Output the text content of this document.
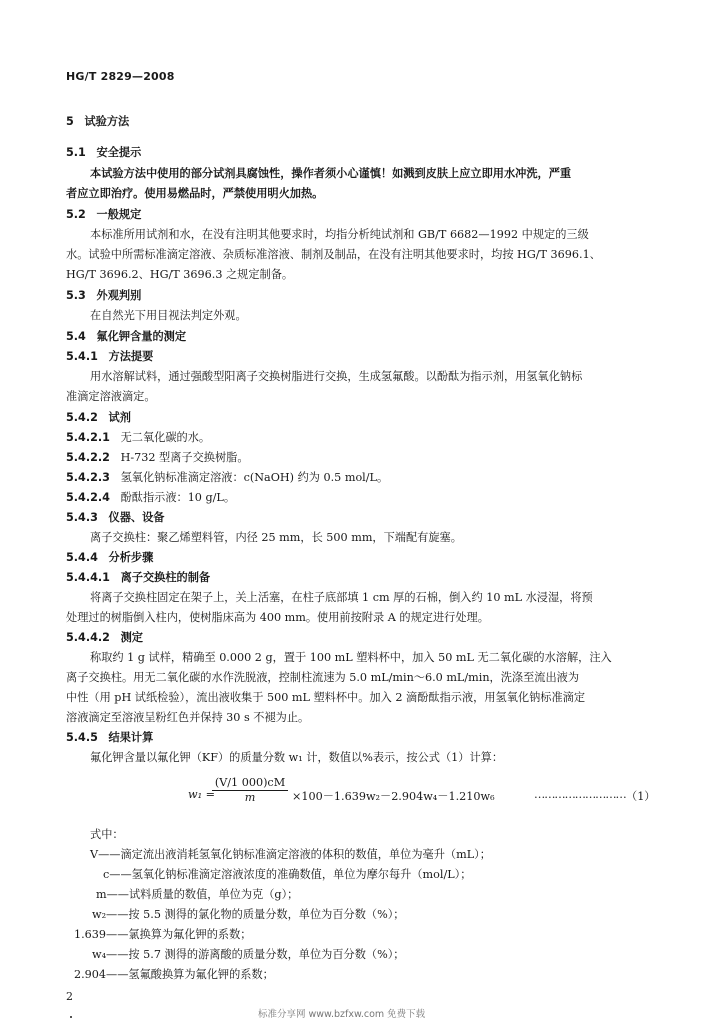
HG/T 2829—2008
5 试验方法
5.1 安全提示
本试验方法中使用的部分试剂具腐蚀性，操作者须小心谨慎！如溅到皮肤上应立即用水冲洗，严重
者应立即治疗。使用易燃品时，严禁使用明火加热。
5.2 一般规定
本标准所用试剂和水，在没有注明其他要求时，均指分析纯试剂和 GB/T 6682—1992 中规定的三级
水。试验中所需标准滴定溶液、杂质标准溶液、制剂及制品，在没有注明其他要求时，均按 HG/T 3696.1、
HG/T 3696.2、HG/T 3696.3 之规定制备。
5.3 外观判别
在自然光下用目视法判定外观。
5.4 氟化钾含量的测定
5.4.1 方法提要
用水溶解试料，通过强酸型阳离子交换树脂进行交换，生成氢氟酸。以酚酞为指示剂，用氢氧化钠标
准滴定溶液滴定。
5.4.2 试剂
5.4.2.1 无二氧化碳的水。
5.4.2.2 H-732 型离子交换树脂。
5.4.2.3 氢氧化钠标准滴定溶液：c(NaOH) 约为 0.5 mol/L。
5.4.2.4 酚酞指示液：10 g/L。
5.4.3 仪器、设备
离子交换柱：聚乙烯塑料管，内径 25 mm，长 500 mm，下端配有旋塞。
5.4.4 分析步骤
5.4.4.1 离子交换柱的制备
将离子交换柱固定在架子上，关上活塞，在柱子底部填 1 cm 厚的石棉，倒入约 10 mL 水浸湿，将预
处理过的树脂倒入柱内，使树脂床高为 400 mm。使用前按附录 A 的规定进行处理。
5.4.4.2 测定
称取约 1 g 试样，精确至 0.000 2 g，置于 100 mL 塑料杯中，加入 50 mL 无二氧化碳的水溶解，注入
离子交换柱。用无二氧化碳的水作洗脱液，控制柱流速为 5.0 mL/min～6.0 mL/min，洗涤至流出液为
中性（用 pH 试纸检验），流出液收集于 500 mL 塑料杯中。加入 2 滴酚酞指示液，用氢氧化钠标准滴定
溶液滴定至溶液呈粉红色并保持 30 s 不褪为止。
5.4.5 结果计算
氟化钾含量以氟化钾（KF）的质量分数 w₁ 计，数值以%表示，按公式（1）计算：
w₁ =
$\frac{(V/1 000)cM}{m} \times 100-1.639w_2-2.904w_4-1.210w_6$	……………………… （1）
式中：
V——滴定流出液消耗氢氧化钠标准滴定溶液的体积的数值，单位为毫升（mL）；
c——氢氧化钠标准滴定溶液浓度的准确数值，单位为摩尔每升（mol/L）；
m——试料质量的数值，单位为克（g）；
w₂——按 5.5 测得的氯化物的质量分数，单位为百分数（%）；
1.639——氯换算为氟化钾的系数；
w₄——按 5.7 测得的游离酸的质量分数，单位为百分数（%）；
2.904——氢氟酸换算为氟化钾的系数；
2
标准分享网 www.bzfxw.com 免费下载
